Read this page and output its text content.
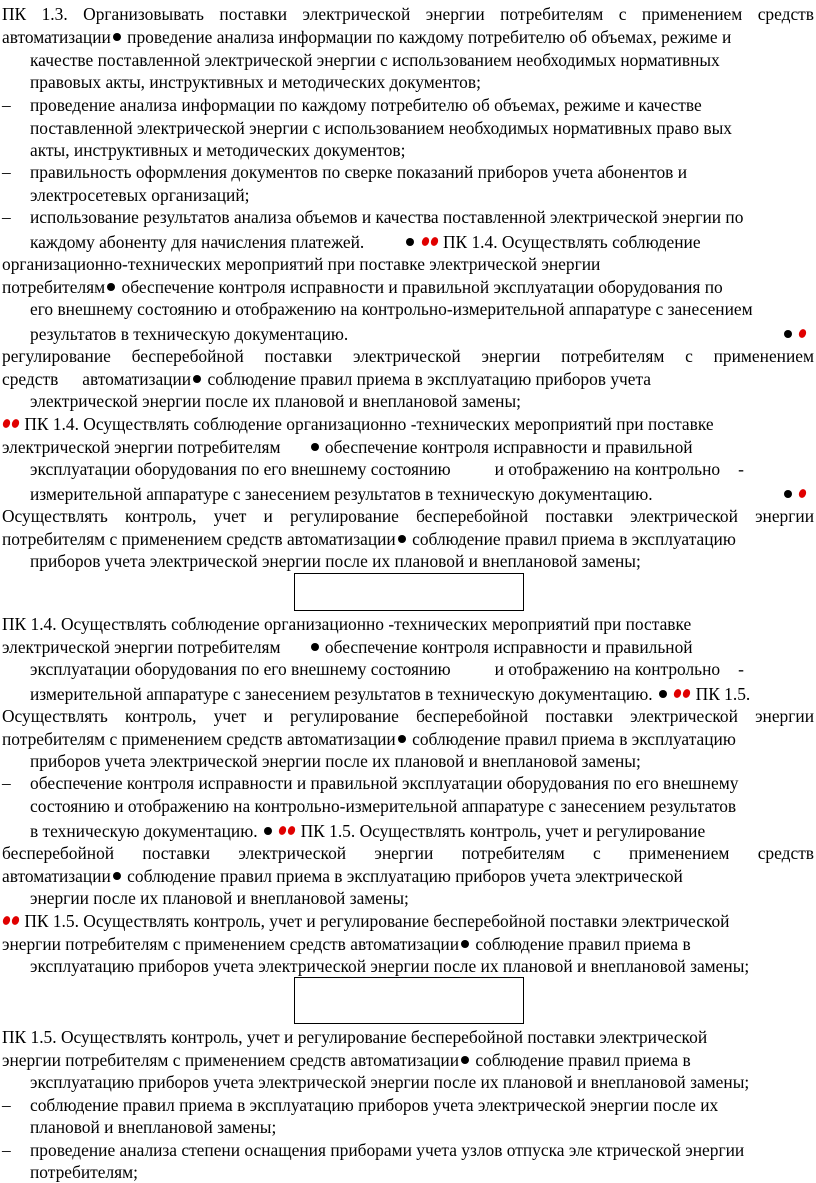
ПК 1.3. Организовывать поставки электрической энергии потребителям с применением средств
автоматизации проведение анализа информации по каждому потребителю об объемах, режиме и
качестве поставленной электрической энергии с использованием необходимых нормативных
правовых акты, инструктивных и методических документов;
– проведение анализа информации по каждому потребителю об объемах, режиме и качестве
поставленной электрической энергии с использованием необходимых нормативных право вых
акты, инструктивных и методических документов;
– правильность оформления документов по сверке показаний приборов учета абонентов и
электросетевых организаций;
– использование результатов анализа объемов и качества поставленной электрической энергии по
каждому абоненту для начисления платежей.	ПК 1.4. Осуществлять соблюдение
организационно-технических мероприятий при поставке электрической энергии
потребителям обеспечение контроля исправности и правильной эксплуатации оборудования по
его внешнему состоянию и отображению на контрольно-измерительной аппаратуре с занесением
результатов в техническую документацию.

регулирование бесперебойной поставки электрической энергии потребителям с применением
средств автоматизации соблюдение правил приема в эксплуатацию приборов учета
электрической энергии после их плановой и внеплановой замены;
ПК 1.4. Осуществлять соблюдение организационно -технических мероприятий при поставке
электрической энергии потребителям	обеспечение контроля исправности и правильной
эксплуатации оборудования по его внешнему состоянию	и отображению на контрольно -
измерительной аппаратуре с занесением результатов в техническую документацию.

Осуществлять контроль, учет и регулирование бесперебойной поставки электрической энергии
потребителям с применением средств автоматизации соблюдение правил приема в эксплуатацию
приборов учета электрической энергии после их плановой и внеплановой замены;
ПК 1.4. Осуществлять соблюдение организационно -технических мероприятий при поставке
электрической энергии потребителям	обеспечение контроля исправности и правильной
эксплуатации оборудования по его внешнему состоянию	и отображению на контрольно -
измерительной аппаратуре с занесением результатов в техническую документацию. ПК 1.5.
Осуществлять контроль, учет и регулирование бесперебойной поставки электрической энергии
потребителям с применением средств автоматизации соблюдение правил приема в эксплуатацию
приборов учета электрической энергии после их плановой и внеплановой замены;
– обеспечение контроля исправности и правильной эксплуатации оборудования по его внешнему
состоянию и отображению на контрольно-измерительной аппаратуре с занесением результатов
в техническую документацию. ПК 1.5. Осуществлять контроль, учет и регулирование
бесперебойной поставки электрической энергии потребителям с применением средств
автоматизации соблюдение правил приема в эксплуатацию приборов учета электрической
энергии после их плановой и внеплановой замены;
ПК 1.5. Осуществлять контроль, учет и регулирование бесперебойной поставки электрической
энергии потребителям с применением средств автоматизации соблюдение правил приема в
эксплуатацию приборов учета электрической энергии после их плановой и внеплановой замены;
ПК 1.5. Осуществлять контроль, учет и регулирование бесперебойной поставки электрической
энергии потребителям с применением средств автоматизации соблюдение правил приема в
эксплуатацию приборов учета электрической энергии после их плановой и внеплановой замены;
– соблюдение правил приема в эксплуатацию приборов учета электрической энергии после их
плановой и внеплановой замены;
– проведение анализа степени оснащения приборами учета узлов отпуска эле ктрической энергии
потребителям;
